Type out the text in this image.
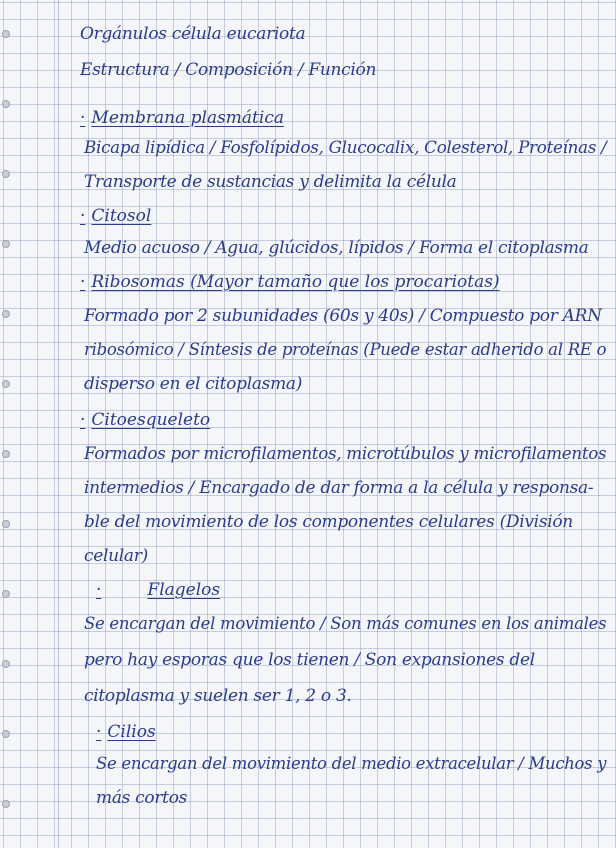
Orgánulos célula eucariota
Estructura / Composición / Función
· Membrana plasmática
Bicapa lipídica / Fosfolípidos, Glucocalix, Colesterol, Proteínas /
Transporte de sustancias y delimita la célula
· Citosol
Medio acuoso / Agua, glúcidos, lípidos / Forma el citoplasma
· Ribosomas (Mayor tamaño que los procariotas)
Formado por 2 subunidades (60s y 40s) / Compuesto por ARN
ribosómico / Síntesis de proteínas (Puede estar adherido al RE o
disperso en el citoplasma)
· Citoesqueleto
Formados por microfilamentos, microtúbulos y microfilamentos
intermedios / Encargado de dar forma a la célula y responsa-
ble del movimiento de los componentes celulares (División
celular)
·	Flagelos
Se encargan del movimiento / Son más comunes en los animales
pero hay esporas que los tienen / Son expansiones del
citoplasma y suelen ser 1, 2 o 3.
· Cilios
Se encargan del movimiento del medio extracelular / Muchos y
más cortos
